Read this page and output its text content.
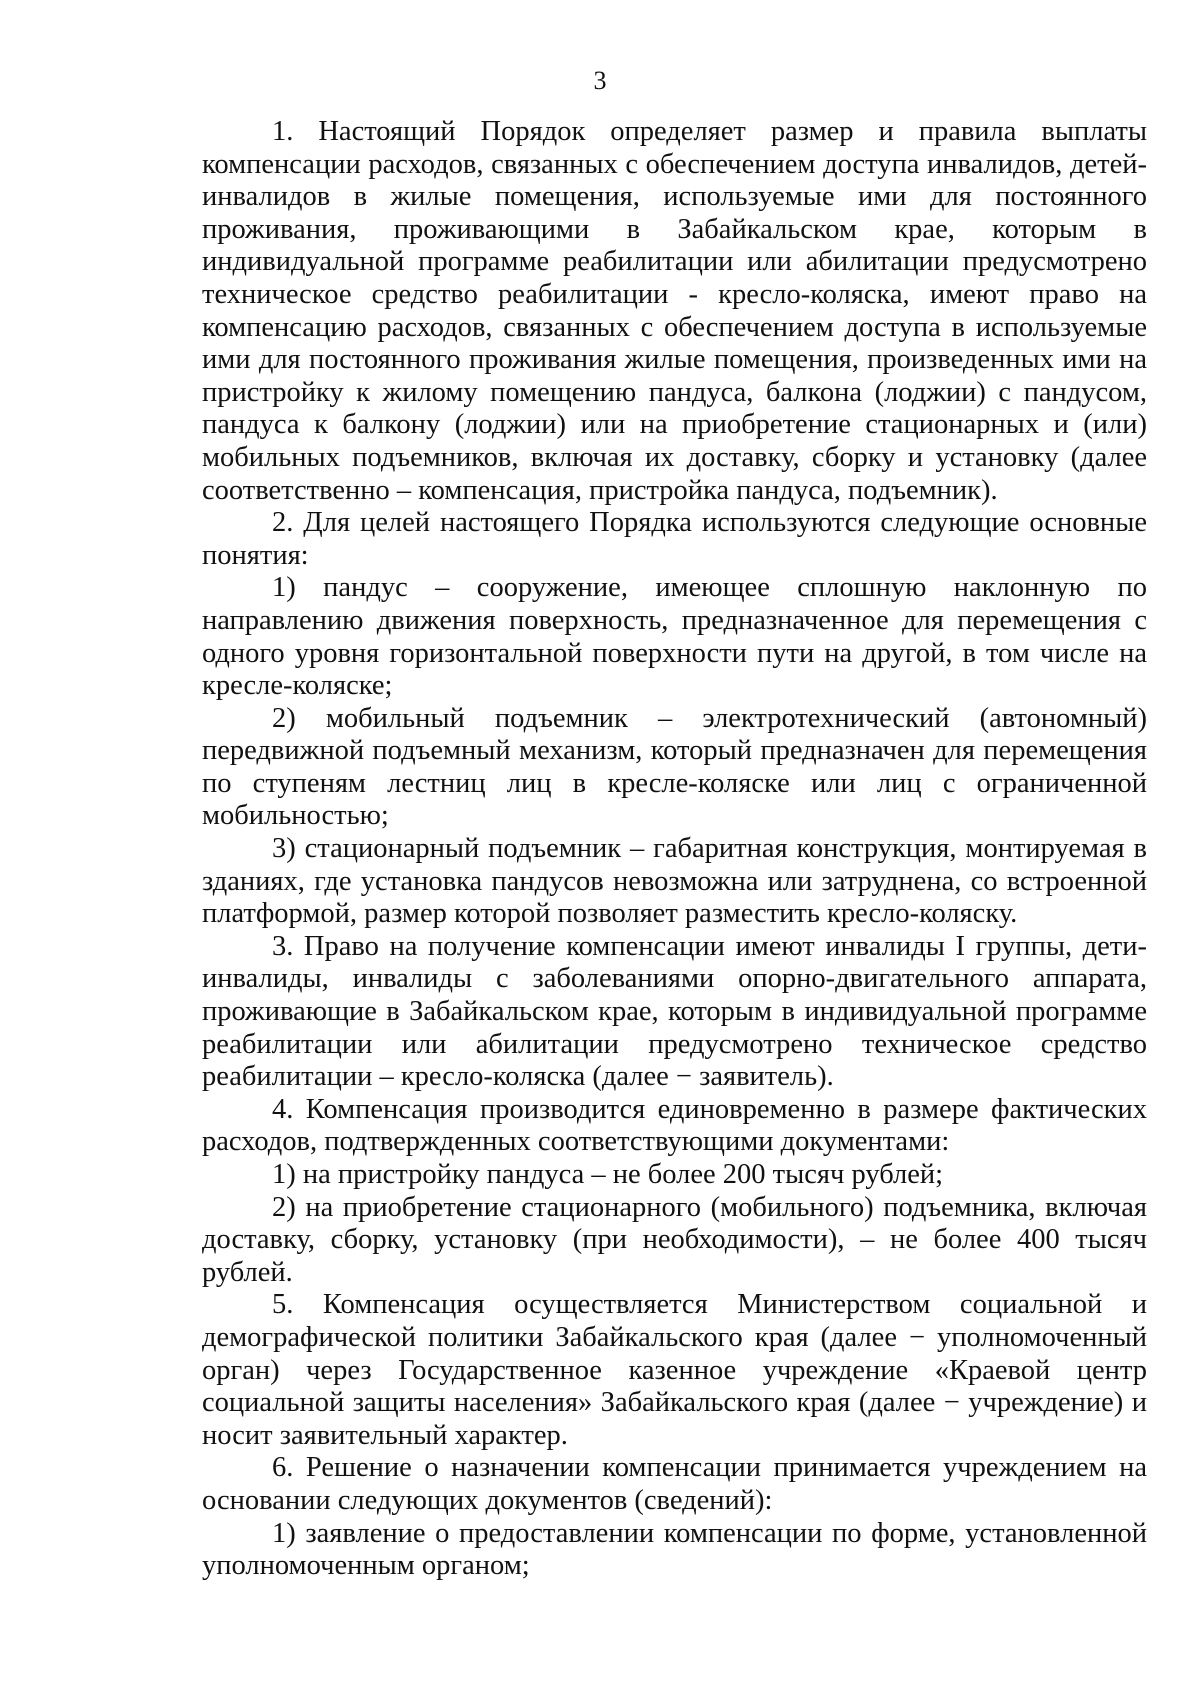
3

1. Настоящий Порядок определяет размер и правила выплаты компенсации расходов, связанных с обеспечением доступа инвалидов, детей-инвалидов в жилые помещения, используемые ими для постоянного проживания, проживающими в Забайкальском крае, которым в индивидуальной программе реабилитации или абилитации предусмотрено техническое средство реабилитации - кресло-коляска, имеют право на компенсацию расходов, связанных с обеспечением доступа в используемые ими для постоянного проживания жилые помещения, произведенных ими на пристройку к жилому помещению пандуса, балкона (лоджии) с пандусом, пандуса к балкону (лоджии) или на приобретение стационарных и (или) мобильных подъемников, включая их доставку, сборку и установку (далее соответственно – компенсация, пристройка пандуса, подъемник).

2. Для целей настоящего Порядка используются следующие основные понятия:

1) пандус – сооружение, имеющее сплошную наклонную по направлению движения поверхность, предназначенное для перемещения с одного уровня горизонтальной поверхности пути на другой, в том числе на кресле-коляске;

2) мобильный подъемник – электротехнический (автономный) передвижной подъемный механизм, который предназначен для перемещения по ступеням лестниц лиц в кресле-коляске или лиц с ограниченной мобильностью;

3) стационарный подъемник – габаритная конструкция, монтируемая в зданиях, где установка пандусов невозможна или затруднена, со встроенной платформой, размер которой позволяет разместить кресло-коляску.

3. Право на получение компенсации имеют инвалиды I группы, дети-инвалиды, инвалиды с заболеваниями опорно-двигательного аппарата, проживающие в Забайкальском крае, которым в индивидуальной программе реабилитации или абилитации предусмотрено техническое средство реабилитации – кресло-коляска (далее − заявитель).

4. Компенсация производится единовременно в размере фактических расходов, подтвержденных соответствующими документами:

1) на пристройку пандуса – не более 200 тысяч рублей;

2) на приобретение стационарного (мобильного) подъемника, включая доставку, сборку, установку (при необходимости), – не более 400 тысяч рублей.

5. Компенсация осуществляется Министерством социальной и демографической политики Забайкальского края (далее − уполномоченный орган) через Государственное казенное учреждение «Краевой центр социальной защиты населения» Забайкальского края (далее − учреждение) и носит заявительный характер.

6. Решение о назначении компенсации принимается учреждением на основании следующих документов (сведений):

1) заявление о предоставлении компенсации по форме, установленной уполномоченным органом;
